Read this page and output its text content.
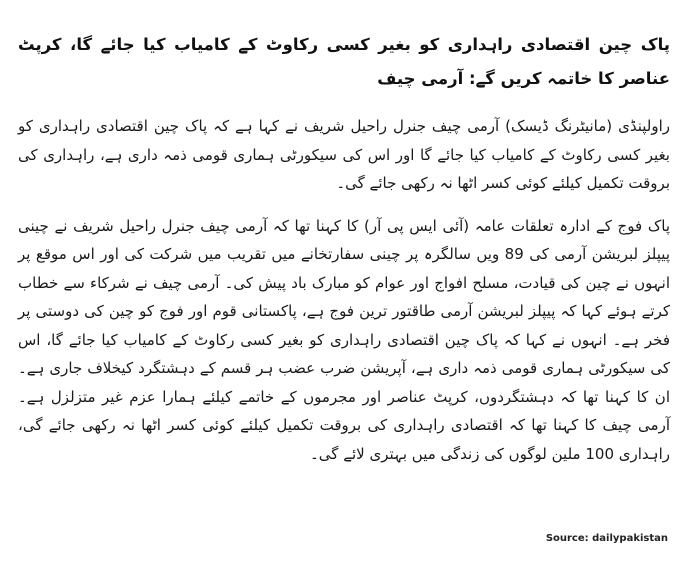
پاک چین اقتصادی راہداری کو بغیر کسی رکاوٹ کے کامیاب کیا جائے گا، کرپٹ عناصر کا خاتمہ کریں گے: آرمی چیف

راولپنڈی (مانیٹرنگ ڈیسک) آرمی چیف جنرل راحیل شریف نے کہا ہے کہ پاک چین اقتصادی راہداری کو بغیر کسی رکاوٹ کے کامیاب کیا جائے گا اور اس کی سیکورٹی ہماری قومی ذمہ داری ہے، راہداری کی بروقت تکمیل کیلئے کوئی کسر اٹھا نہ رکھی جائے گی۔

پاک فوج کے ادارہ تعلقات عامہ (آئی ایس پی آر) کا کہنا تھا کہ آرمی چیف جنرل راحیل شریف نے چینی پیپلز لبریشن آرمی کی 89 ویں سالگرہ پر چینی سفارتخانے میں تقریب میں شرکت کی اور اس موقع پر انہوں نے چین کی قیادت، مسلح افواج اور عوام کو مبارک باد پیش کی۔ آرمی چیف نے شرکاء سے خطاب کرتے ہوئے کہا کہ پیپلز لبریشن آرمی طاقتور ترین فوج ہے، پاکستانی قوم اور فوج کو چین کی دوستی پر فخر ہے۔ انہوں نے کہا کہ پاک چین اقتصادی راہداری کو بغیر کسی رکاوٹ کے کامیاب کیا جائے گا، اس کی سیکورٹی ہماری قومی ذمہ داری ہے، آپریشن ضرب عضب ہر قسم کے دہشتگرد کیخلاف جاری ہے۔ ان کا کہنا تھا کہ دہشتگردوں، کرپٹ عناصر اور مجرموں کے خاتمے کیلئے ہمارا عزم غیر متزلزل ہے۔ آرمی چیف کا کہنا تھا کہ اقتصادی راہداری کی بروقت تکمیل کیلئے کوئی کسر اٹھا نہ رکھی جائے گی، راہداری 100 ملین لوگوں کی زندگی میں بہتری لائے گی۔

Source: dailypakistan
